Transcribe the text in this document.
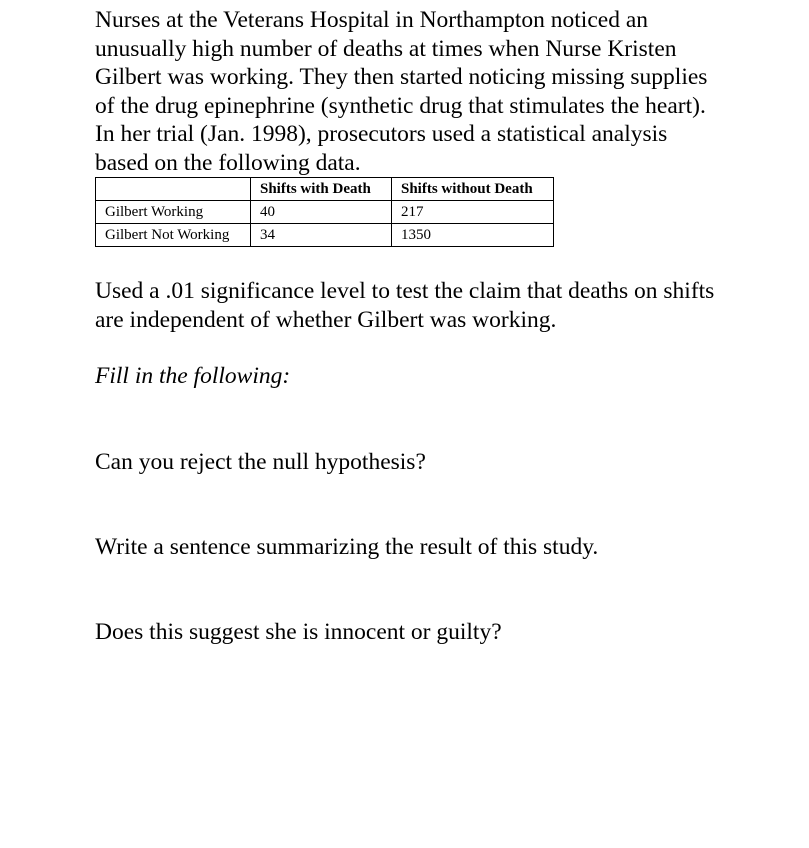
Nurses at the Veterans Hospital in Northampton noticed an unusually high number of deaths at times when Nurse Kristen Gilbert was working. They then started noticing missing supplies of the drug epinephrine (synthetic drug that stimulates the heart). In her trial (Jan. 1998), prosecutors used a statistical analysis based on the following data.

	Shifts with Death	Shifts without Death
Gilbert Working	40	217
Gilbert Not Working	34	1350

Used a .01 significance level to test the claim that deaths on shifts are independent of whether Gilbert was working.

Fill in the following:

Can you reject the null hypothesis?

Write a sentence summarizing the result of this study.

Does this suggest she is innocent or guilty?
